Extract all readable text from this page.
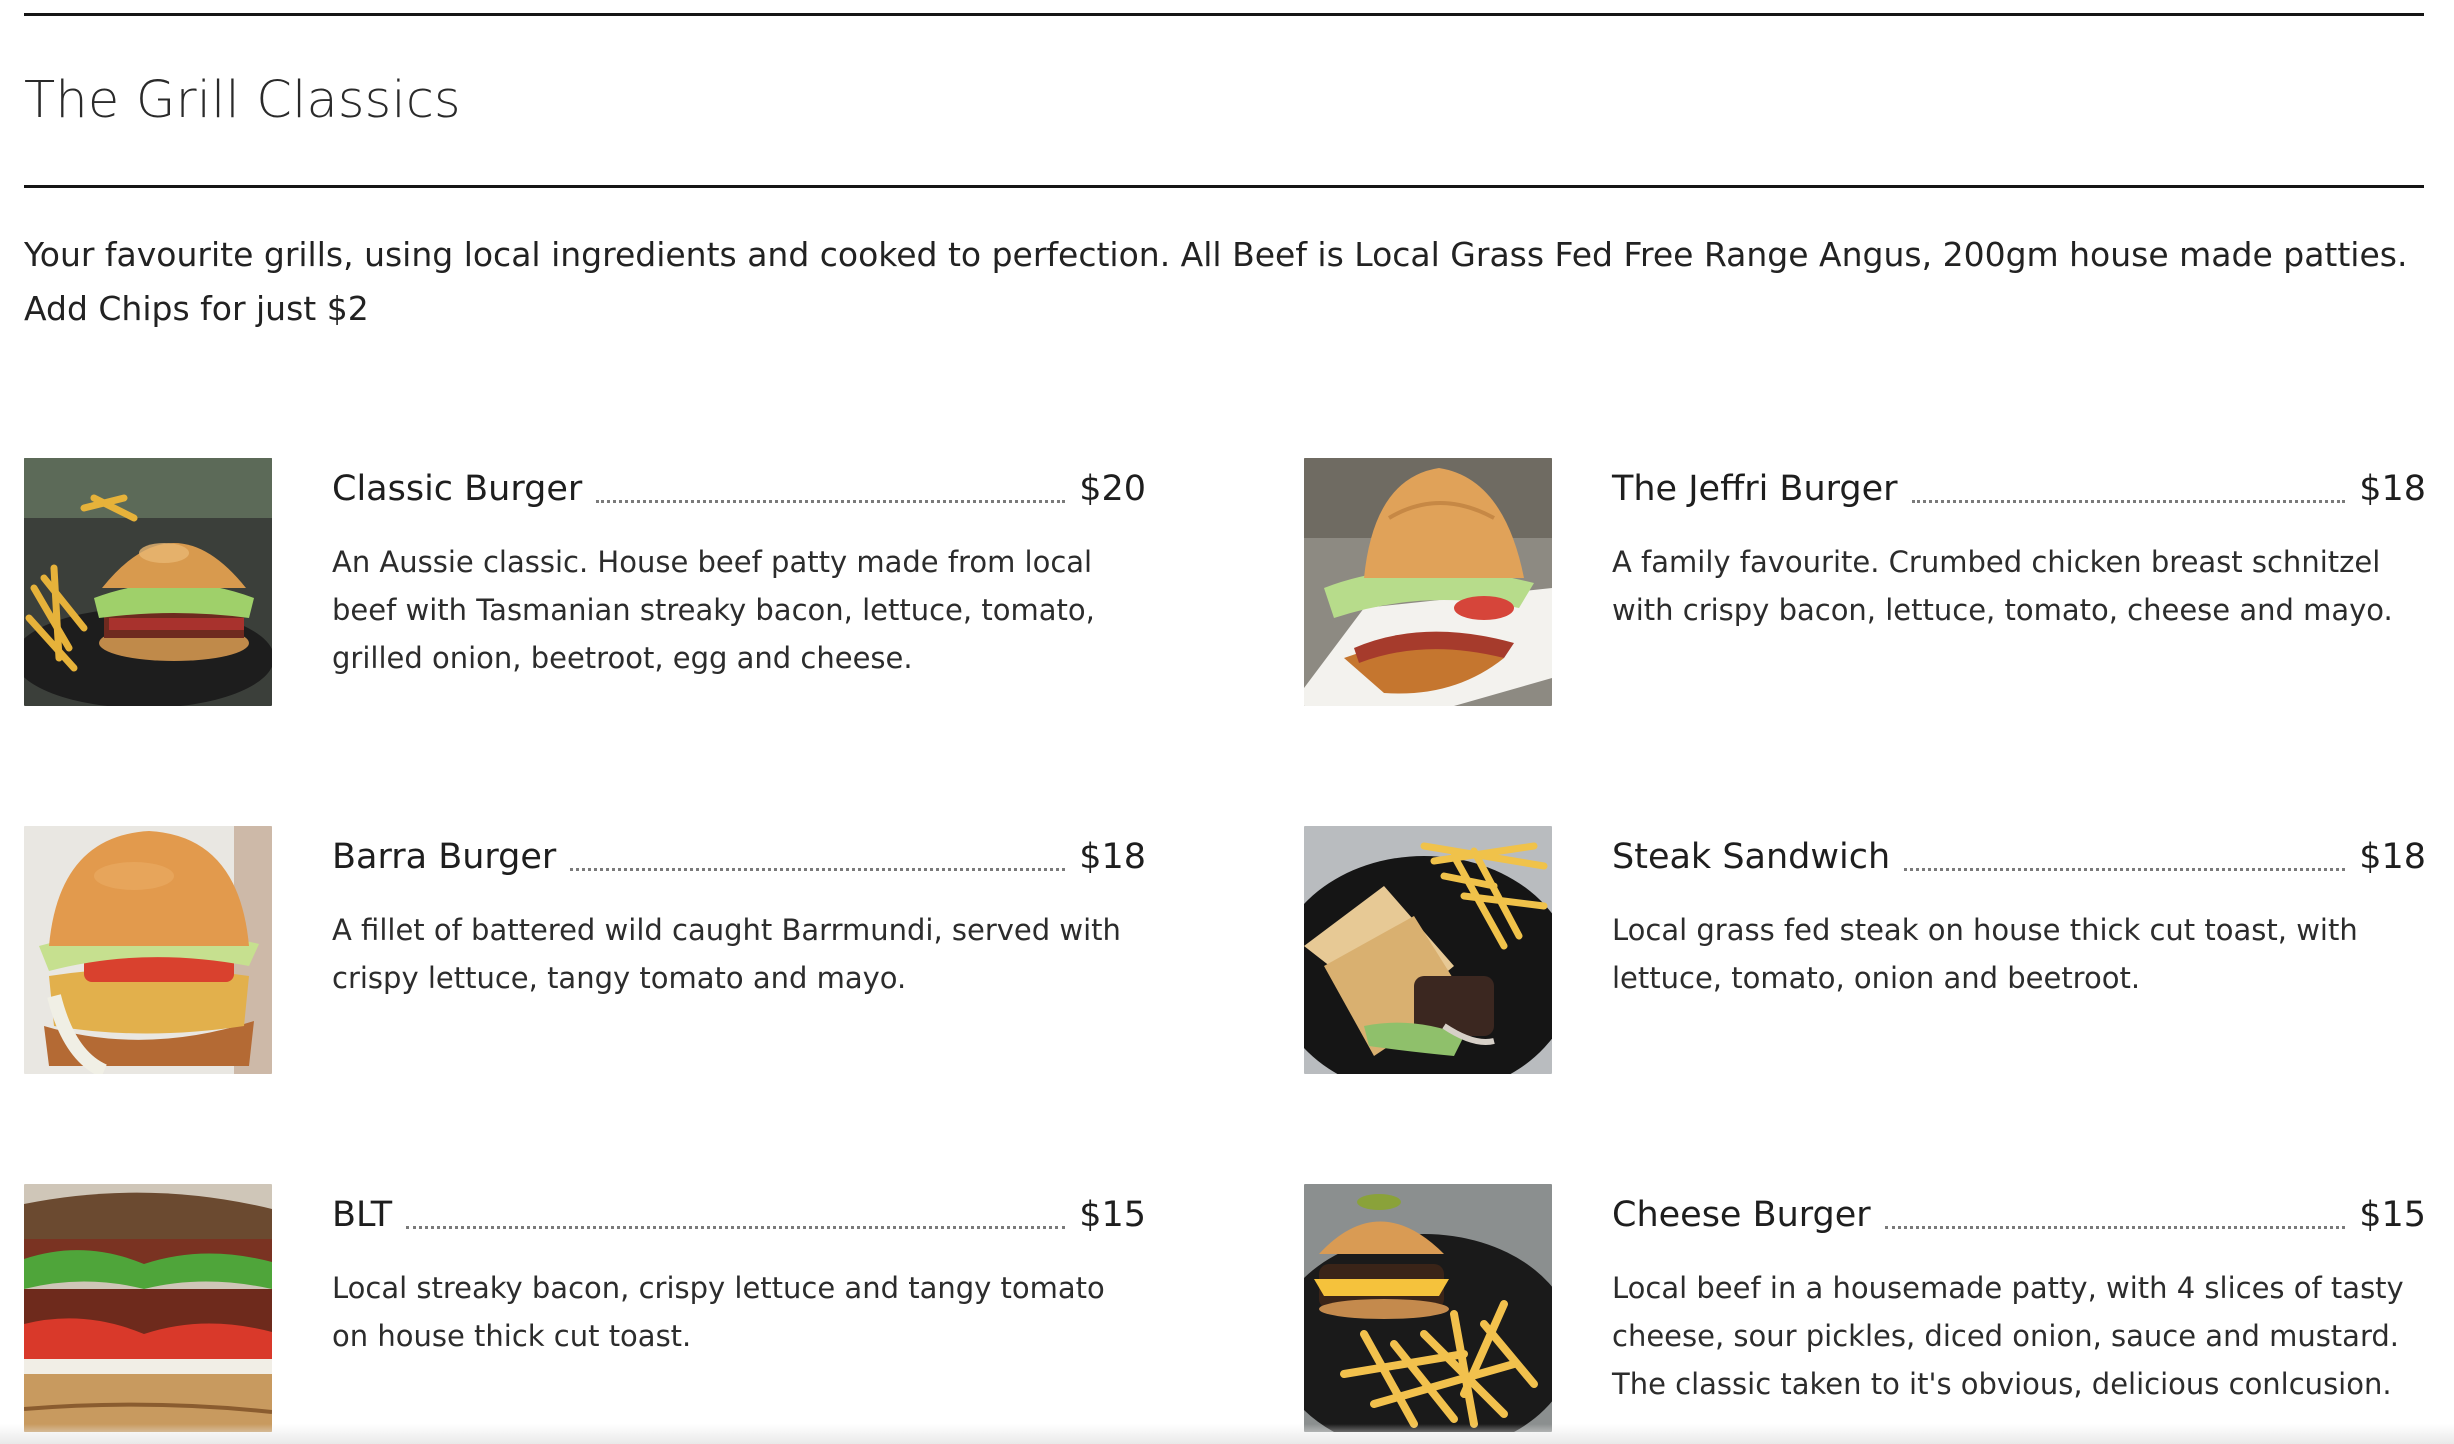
The Grill Classics

Your favourite grills, using local ingredients and cooked to perfection. All Beef is Local Grass Fed Free Range Angus, 200gm house made patties. Add Chips for just $2

Classic Burger	$20
An Aussie classic. House beef patty made from local beef with Tasmanian streaky bacon, lettuce, tomato, grilled onion, beetroot, egg and cheese.
The Jeffri Burger	$18
A family favourite. Crumbed chicken breast schnitzel with crispy bacon, lettuce, tomato, cheese and mayo.
Barra Burger	$18
A fillet of battered wild caught Barrmundi, served with crispy lettuce, tangy tomato and mayo.
Steak Sandwich	$18
Local grass fed steak on house thick cut toast, with lettuce, tomato, onion and beetroot.
BLT	$15
Local streaky bacon, crispy lettuce and tangy tomato on house thick cut toast.
Cheese Burger	$15
Local beef in a housemade patty, with 4 slices of tasty cheese, sour pickles, diced onion, sauce and mustard. The classic taken to it's obvious, delicious conlcusion.
